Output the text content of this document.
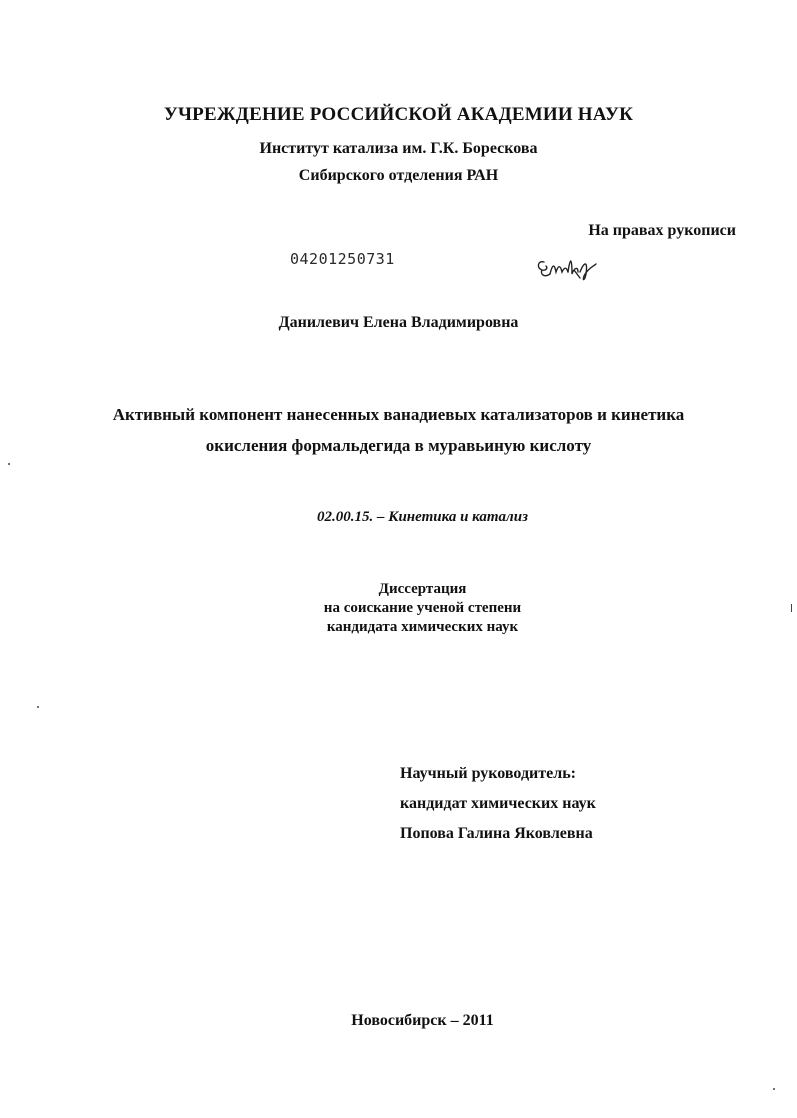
УЧРЕЖДЕНИЕ РОССИЙСКОЙ АКАДЕМИИ НАУК
Институт катализа им. Г.К. Борескова
Сибирского отделения РАН
На правах рукописи
04201250731
Данилевич Елена Владимировна
Активный компонент нанесенных ванадиевых катализаторов и кинетика
окисления формальдегида в муравьиную кислоту
02.00.15. – Кинетика и катализ
Диссертация
на соискание ученой степени
кандидата химических наук
Научный руководитель:
кандидат химических наук
Попова Галина Яковлевна
Новосибирск – 2011
